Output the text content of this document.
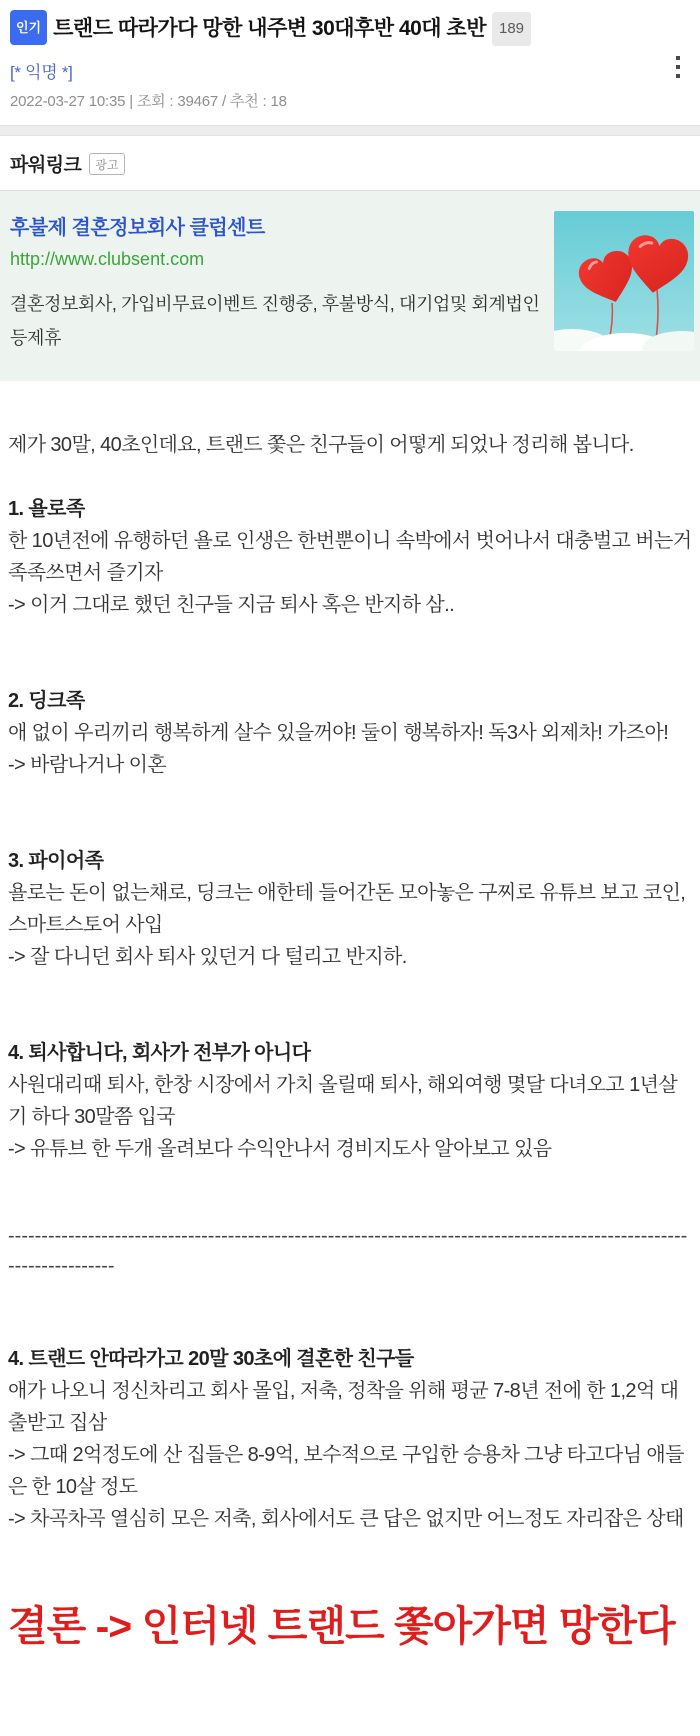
인기 트랜드 따라가다 망한 내주변 30대후반 40대 초반 189
[* 익명 *]
2022-03-27 10:35 | 조회 : 39467 / 추천 : 18
파워링크	광고
후불제 결혼정보회사 클럽센트
http://www.clubsent.com
결혼정보회사, 가입비무료이벤트 진행중, 후불방식, 대기업및 회계법인등제휴

제가 30말, 40초인데요, 트랜드 쫓은 친구들이 어떻게 되었나 정리해 봅니다.

1. 욜로족

한 10년전에 유행하던 욜로 인생은 한번뿐이니 속박에서 벗어나서 대충벌고 버는거 족족쓰면서 즐기자

-> 이거 그대로 했던 친구들 지금 퇴사 혹은 반지하 삼..

2. 딩크족

애 없이 우리끼리 행복하게 살수 있을꺼야! 둘이 행복하자! 독3사 외제차! 가즈아!

-> 바람나거나 이혼

3. 파이어족

욜로는 돈이 없는채로, 딩크는 애한테 들어간돈 모아놓은 구찌로 유튜브 보고 코인, 스마트스토어 사입

-> 잘 다니던 회사 퇴사 있던거 다 털리고 반지하.

4. 퇴사합니다, 회사가 전부가 아니다

사원대리때 퇴사, 한창 시장에서 가치 올릴때 퇴사, 해외여행 몇달 다녀오고 1년살기 하다 30말쯤 입국

-> 유튜브 한 두개 올려보다 수익안나서 경비지도사 알아보고 있음

----------------------------------------------------------------------------------------------------------------------

4. 트랜드 안따라가고 20말 30초에 결혼한 친구들

애가 나오니 정신차리고 회사 몰입, 저축, 정착을 위해 평균 7-8년 전에 한 1,2억 대출받고 집삼

-> 그때 2억정도에 산 집들은 8-9억, 보수적으로 구입한 승용차 그냥 타고다님 애들은 한 10살 정도

-> 차곡차곡 열심히 모은 저축, 회사에서도 큰 답은 없지만 어느정도 자리잡은 상태

결론 -> 인터넷 트랜드 쫓아가면 망한다
